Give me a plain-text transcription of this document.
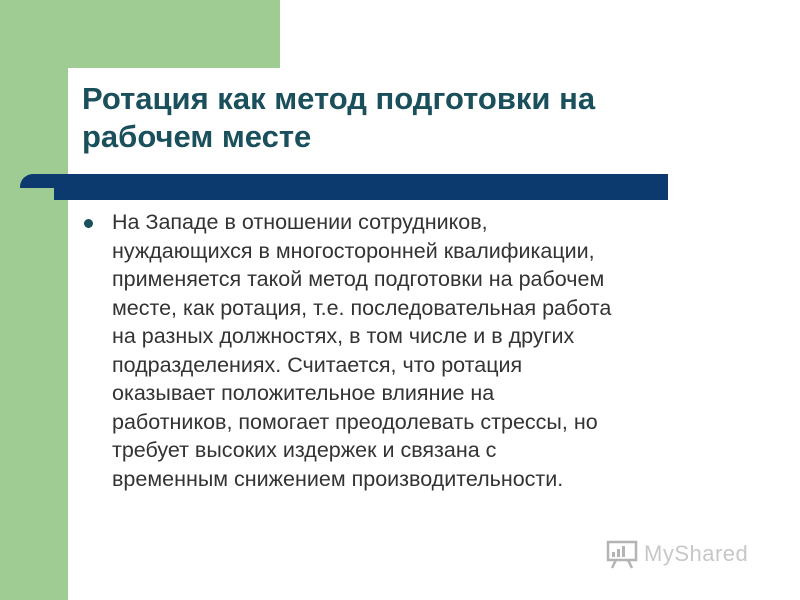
Ротация как метод подготовки на рабочем месте
На Западе в отношении сотрудников,
нуждающихся в многосторонней квалификации,
применяется такой метод подготовки на рабочем
месте, как ротация, т.е. последовательная работа
на разных должностях, в том числе и в других
подразделениях. Считается, что ротация
оказывает положительное влияние на
работников, помогает преодолевать стрессы, но
требует высоких издержек и связана с
временным снижением производительности.
MyShared
